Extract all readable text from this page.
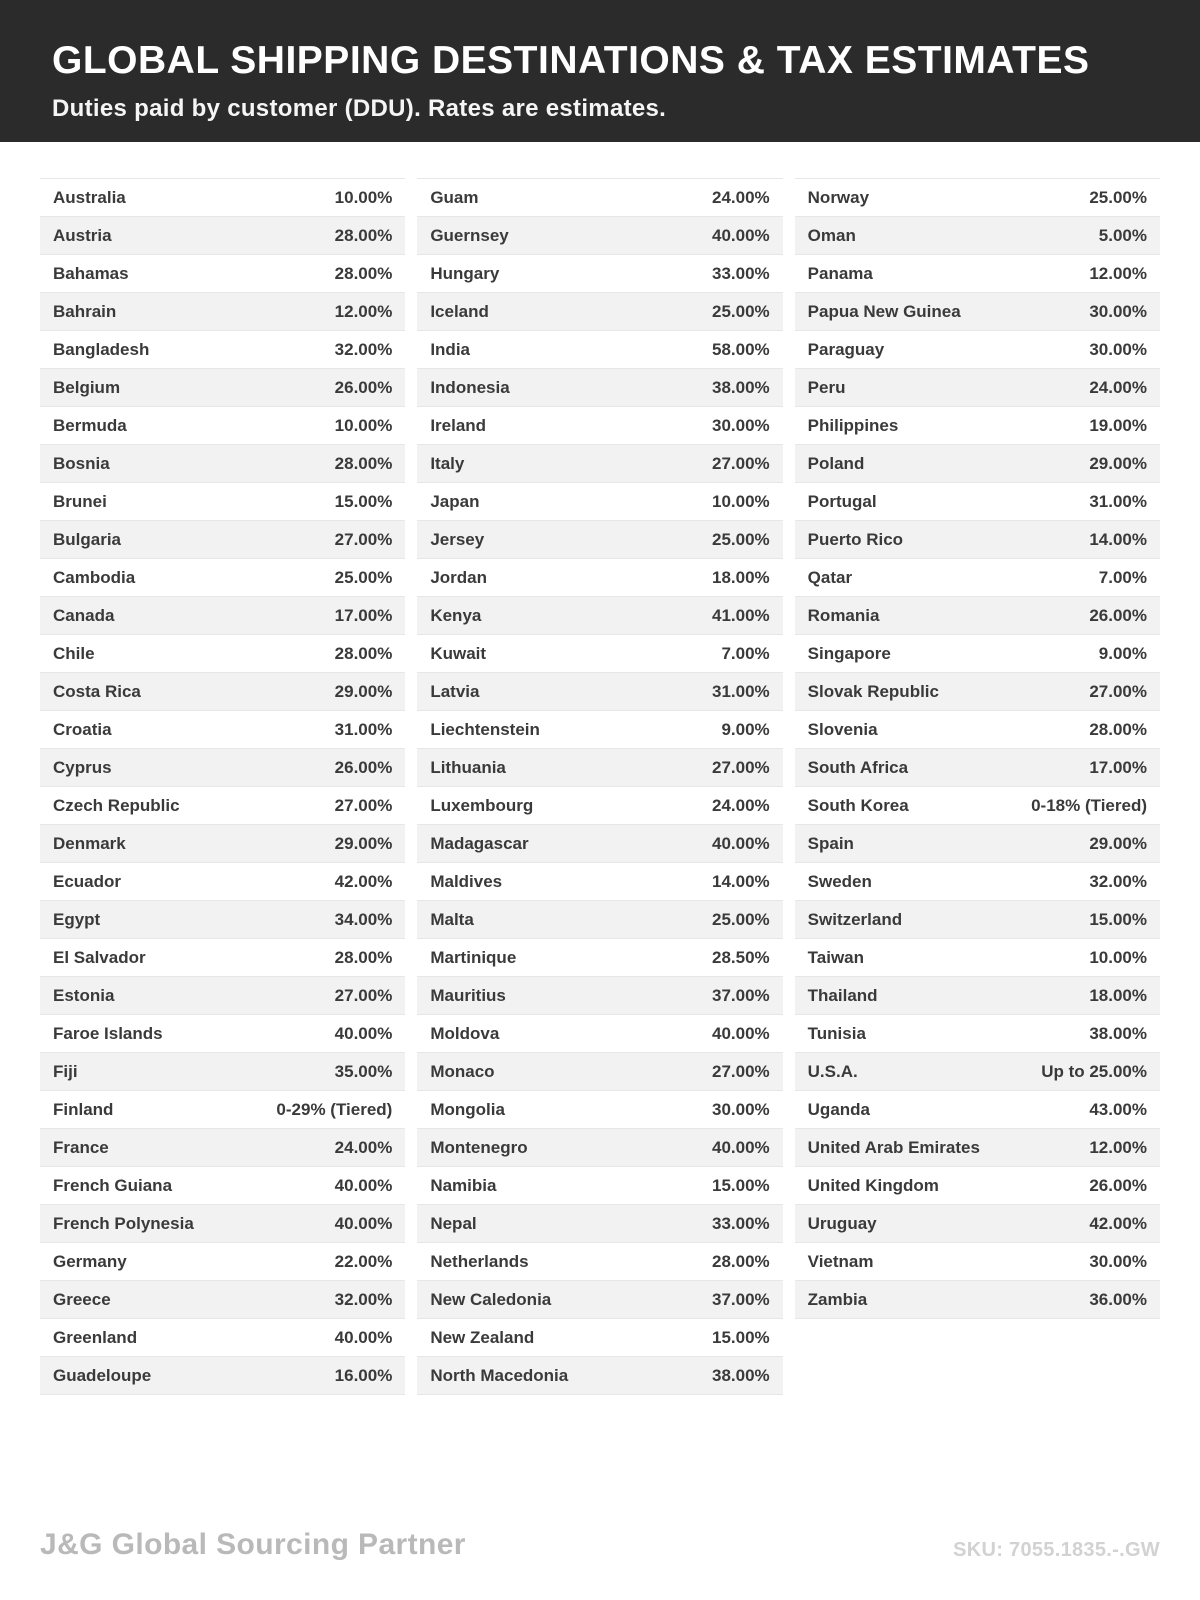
GLOBAL SHIPPING DESTINATIONS & TAX ESTIMATES
Duties paid by customer (DDU). Rates are estimates.
Australia	10.00%
Austria	28.00%
Bahamas	28.00%
Bahrain	12.00%
Bangladesh	32.00%
Belgium	26.00%
Bermuda	10.00%
Bosnia	28.00%
Brunei	15.00%
Bulgaria	27.00%
Cambodia	25.00%
Canada	17.00%
Chile	28.00%
Costa Rica	29.00%
Croatia	31.00%
Cyprus	26.00%
Czech Republic	27.00%
Denmark	29.00%
Ecuador	42.00%
Egypt	34.00%
El Salvador	28.00%
Estonia	27.00%
Faroe Islands	40.00%
Fiji	35.00%
Finland	0-29% (Tiered)
France	24.00%
French Guiana	40.00%
French Polynesia	40.00%
Germany	22.00%
Greece	32.00%
Greenland	40.00%
Guadeloupe	16.00%
Guam	24.00%
Guernsey	40.00%
Hungary	33.00%
Iceland	25.00%
India	58.00%
Indonesia	38.00%
Ireland	30.00%
Italy	27.00%
Japan	10.00%
Jersey	25.00%
Jordan	18.00%
Kenya	41.00%
Kuwait	7.00%
Latvia	31.00%
Liechtenstein	9.00%
Lithuania	27.00%
Luxembourg	24.00%
Madagascar	40.00%
Maldives	14.00%
Malta	25.00%
Martinique	28.50%
Mauritius	37.00%
Moldova	40.00%
Monaco	27.00%
Mongolia	30.00%
Montenegro	40.00%
Namibia	15.00%
Nepal	33.00%
Netherlands	28.00%
New Caledonia	37.00%
New Zealand	15.00%
North Macedonia	38.00%
Norway	25.00%
Oman	5.00%
Panama	12.00%
Papua New Guinea	30.00%
Paraguay	30.00%
Peru	24.00%
Philippines	19.00%
Poland	29.00%
Portugal	31.00%
Puerto Rico	14.00%
Qatar	7.00%
Romania	26.00%
Singapore	9.00%
Slovak Republic	27.00%
Slovenia	28.00%
South Africa	17.00%
South Korea	0-18% (Tiered)
Spain	29.00%
Sweden	32.00%
Switzerland	15.00%
Taiwan	10.00%
Thailand	18.00%
Tunisia	38.00%
U.S.A.	Up to 25.00%
Uganda	43.00%
United Arab Emirates	12.00%
United Kingdom	26.00%
Uruguay	42.00%
Vietnam	30.00%
Zambia	36.00%
J&G Global Sourcing Partner	SKU: 7055.1835.-.GW
